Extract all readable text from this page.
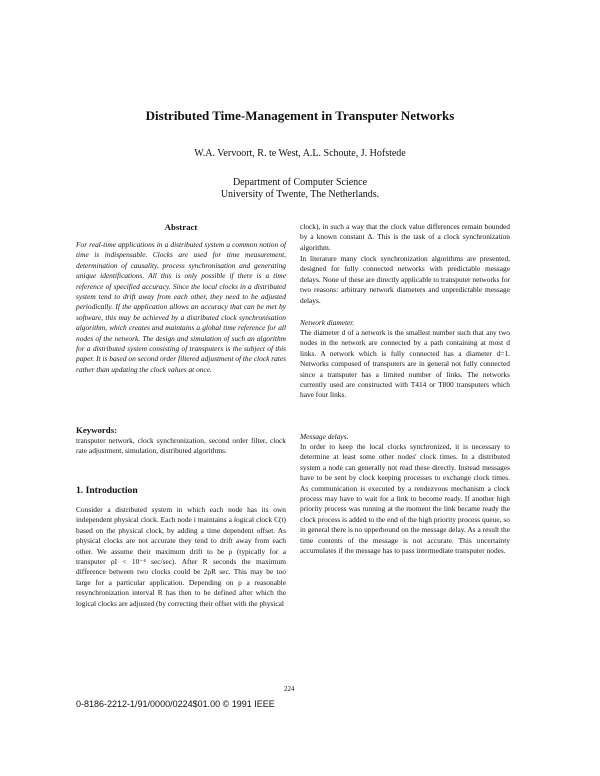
Distributed Time-Management in Transputer Networks
W.A. Vervoort, R. te West, A.L. Schoute, J. Hofstede
Department of Computer Science
University of Twente, The Netherlands.
Abstract

For real-time applications in a distributed system a common notion of time is indispensable. Clocks are used for time measurement, determination of causality, process synchronisation and generating unique identifications. All this is only possible if there is a time reference of specified accuracy. Since the local clocks in a distributed system tend to drift away from each other, they need to be adjusted periodically. If the application allows an accuracy that can be met by software, this may be achieved by a distributed clock synchronisation algorithm, which creates and maintains a global time reference for all nodes of the network. The design and simulation of such an algorithm for a distributed system consisting of transputers is the subject of this paper. It is based on second order filtered adjustment of the clock rates rather than updating the clock values at once.

Keywords:

transputer network, clock synchronization, second order filter, clock rate adjustment, simulation, distributed algorithms.

1. Introduction

Consider a distributed system in which each node has its own independent physical clock. Each node i maintains a logical clock C(t) based on the physical clock, by adding a time dependent offset. As physical clocks are not accurate they tend to drift away from each other. We assume their maximum drift to be ρ (typically for a transputer ρI < 10⁻⁴ sec/sec). After R seconds the maximum difference between two clocks could be 2ρR sec. This may be too large for a particular application. Depending on ρ a reasonable resynchronization interval R has then to be defined after which the logical clocks are adjusted (by correcting their offset with the physical

clock), in such a way that the clock value differences remain bounded by a known constant Δ. This is the task of a clock synchronization algorithm.

In literature many clock synchronization algorithms are presented, designed for fully connected networks with predictable message delays. None of these are directly applicable to transputer networks for two reasons: arbitrary network diameters and unpredictable message delays.

Network diameter.

The diameter d of a network is the smallest number such that any two nodes in the network are connected by a path containing at most d links. A network which is fully connected has a diameter d=1. Networks composed of transputers are in general not fully connected since a transputer has a limited number of links. The networks currently used are constructed with T414 or T800 transputers which have four links.

Message delays.

In order to keep the local clocks synchronized, it is necessary to determine at least some other nodes' clock times. In a distributed system a node can generally not read these directly. Instead messages have to be sent by clock keeping processes to exchange clock times. As communication is executed by a rendezvous mechanism a clock process may have to wait for a link to become ready. If another high priority process was running at the moment the link became ready the clock process is added to the end of the high priority process queue, so in general there is no upperbound on the message delay. As a result the time contents of the message is not accurate. This uncertainty accumulates if the message has to pass intermediate transputer nodes.

224
0-8186-2212-1/91/0000/0224$01.00 © 1991 IEEE
